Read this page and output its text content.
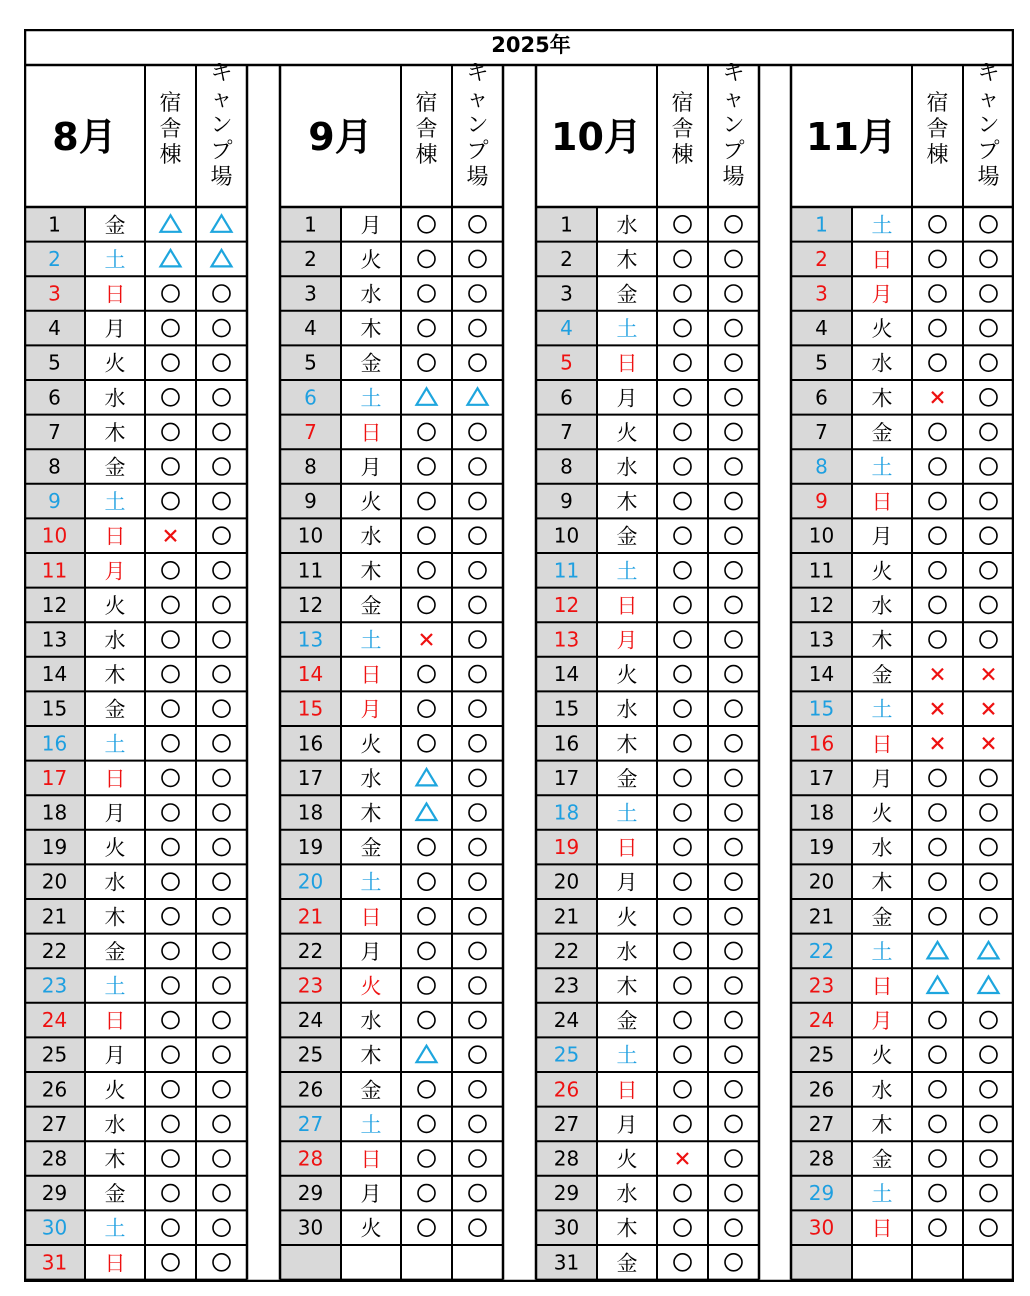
2025年
8月
宿
舎
棟
キ
ャ
ン
プ
場
9月
宿
舎
棟
キ
ャ
ン
プ
場
10月
宿
舎
棟
キ
ャ
ン
プ
場
11月
宿
舎
棟
キ
ャ
ン
プ
場
1 金
2 土
3 日
4 月
5 火
6 水
7 木
8 金
9 土
10 日
11 月
12 火
13 水
14 木
15 金
16 土
17 日
18 月
19 火
20 水
21 木
22 金
23 土
24 日
25 月
26 火
27 水
28 木
29 金
30 土
31 日
1 月
2 火
3 水
4 木
5 金
6 土
7 日
8 月
9 火
10 水
11 木
12 金
13 土
14 日
15 月
16 火
17 水
18 木
19 金
20 土
21 日
22 月
23 火
24 水
25 木
26 金
27 土
28 日
29 月
30 火
1 水
2 木
3 金
4 土
5 日
6 月
7 火
8 水
9 木
10 金
11 土
12 日
13 月
14 火
15 水
16 木
17 金
18 土
19 日
20 月
21 火
22 水
23 木
24 金
25 土
26 日
27 月
28 火
29 水
30 木
31 金
1 土
2 日
3 月
4 火
5 水
6 木
7 金
8 土
9 日
10 月
11 火
12 水
13 木
14 金
15 土
16 日
17 月
18 火
19 水
20 木
21 金
22 土
23 日
24 月
25 火
26 水
27 木
28 金
29 土
30 日
